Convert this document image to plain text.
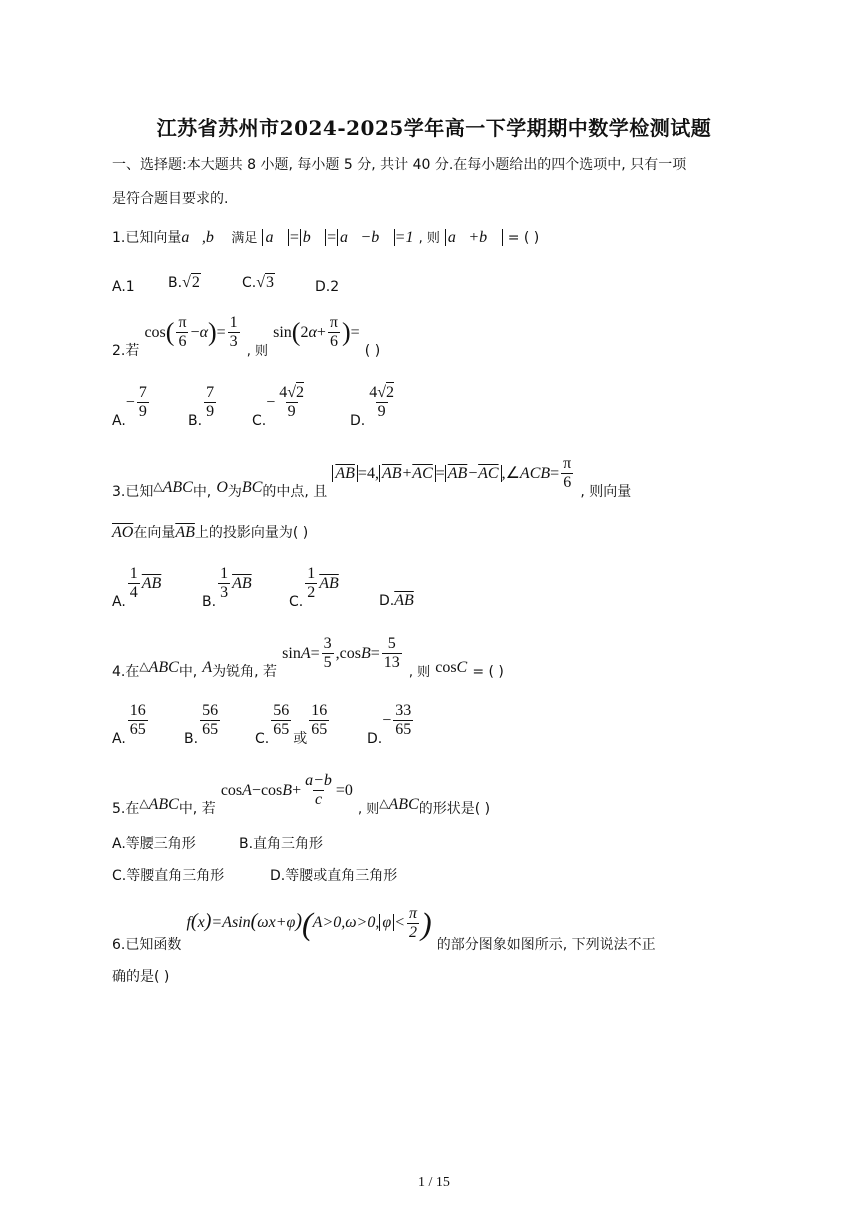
江苏省苏州市2024-2025学年高一下学期期中数学检测试题
一、选择题:本大题共 8 小题, 每小题 5 分, 共计 40 分.在每小题给出的四个选项中, 只有一项
是符合题目要求的.
1.已知向量a,b 满足 a⃗ = b⃗ = a⃗−b⃗ =1 , 则 a⃗+b⃗ = ( )
A.1 B.√2	C.√3	D.2
2.若 $\cos( \frac{\pi}{6} -\alpha)= \frac{1}{3}$
$_{, 则}$ $\sin(2\alpha+ \frac{\pi}{6}$ )= ( )
$A.- \frac{7}{9}$
B.
$\frac{7}{9}$
$C.- \frac{4√2}{9}$
D.
$\frac{4√2}{9}$
3.已知$_\triangle$ABC中, O为BC的中点, 且 $\overline{AB} =4$, $\overline{AB}+\overline{AC} = \overline{AB}-\overline{AC}$ ,∠ACB= $\frac{\pi}{6}$
, 则向量
$\overline{AO}$在向量$\overline{AB}$上的投影向量为( )
A.
$\frac{1}{4} \overline{AB}$
B.
$\frac{1}{3} \overline{AB}$
C.
$\frac{1}{2} \overline{AB}$
$D.\overline{AB}$
4.在$_\triangle$ABC中, A为锐角, 若 $\sin A= \frac{3}{5} ,\cos B= \frac{5}{13}$
$_{, 则}$ cosC = ( )
A.
$\frac{16}{65}$
B.
$\frac{56}{65}$
C.
$\frac{56}{65}$
或
$\frac{16}{65}$
$D.- \frac{33}{65}$
5.在$_\triangle$ABC中, 若 $\cos A-\cos B+ \frac{a-b}{c} =0$ $_{, 则\triangle}$ABC的形状是( )
A.等腰三角形	B.直角三角形
C.等腰直角三角形	D.等腰或直角三角形
6.已知函数 f(x)=Asin(ωx+φ)(A>0,ω>0, $\varphi < \frac{\pi}{2}$ ) 的部分图象如图所示, 下列说法不正
确的是( )
1 / 15
